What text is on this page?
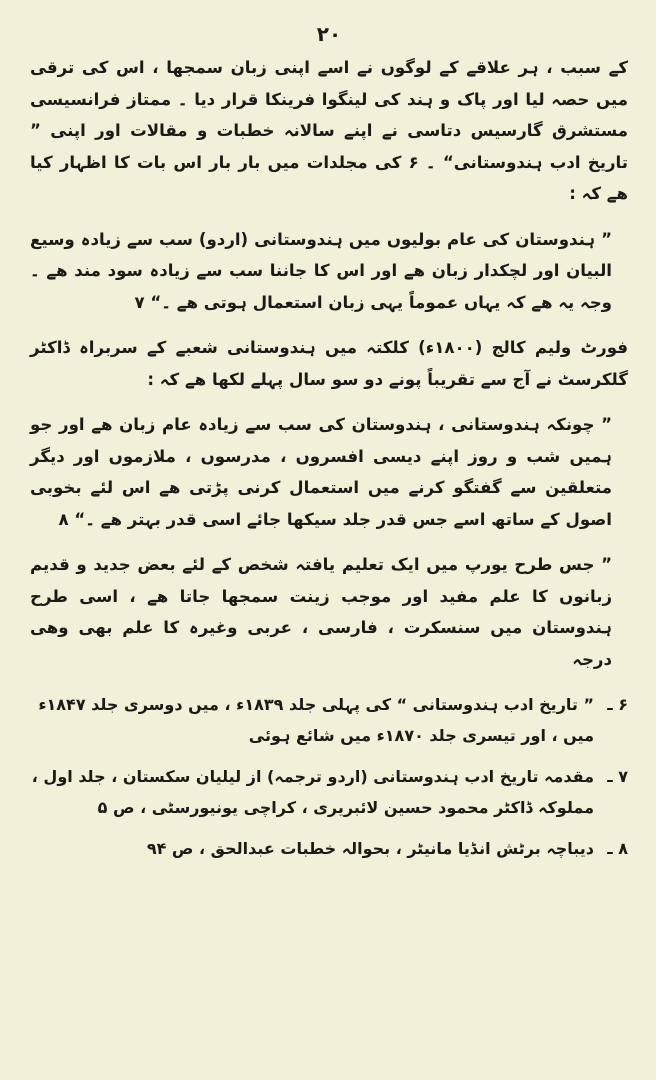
۲۰

کے سبب ، ہر علاقے کے لوگوں نے اسے اپنی زبان سمجھا ، اس کی ترقی میں حصہ لیا اور پاک و ہند کی لینگوا فرینکا قرار دیا ۔ ممتاز فرانسیسی مستشرق گارسیس دتاسی نے اپنے سالانہ خطبات و مقالات اور اپنی ” تاریخ ادب ہندوستانی“ ۔ ۶ کی مجلدات میں بار بار اس بات کا اظہار کیا ھے کہ :

” ہندوستان کی عام بولیوں میں ہندوستانی (اردو) سب سے زیادہ وسیع البیان اور لچکدار زبان ھے اور اس کا جاننا سب سے زیادہ سود مند ھے ۔ وجہ یہ ھے کہ یہاں عموماً یہی زبان استعمال ہوتی ھے ۔“ ۷

فورٹ ولیم کالج (۱۸۰۰ء) کلکتہ میں ہندوستانی شعبے کے سربراہ ڈاکٹر گلکرسٹ نے آج سے تقریباً پونے دو سو سال پہلے لکھا ھے کہ :

” چونکہ ہندوستانی ، ہندوستان کی سب سے زیادہ عام زبان ھے اور جو ہمیں شب و روز اپنے دیسی افسروں ، مدرسوں ، ملازموں اور دیگر متعلقین سے گفتگو کرنے میں استعمال کرنی پڑتی ھے اس لئے بخوبی اصول کے ساتھ اسے جس قدر جلد سیکھا جائے اسی قدر بہتر ھے ۔“ ۸

” جس طرح یورپ میں ایک تعلیم یافتہ شخص کے لئے بعض جدید و قدیم زبانوں کا علم مفید اور موجب زینت سمجھا جاتا ھے ، اسی طرح ہندوستان میں سنسکرت ، فارسی ، عربی وغیرہ کا علم بھی وھی درجہ

۶ ـ
” تاریخ ادب ہندوستانی “ کی پہلی جلد ۱۸۳۹ء ، میں دوسری جلد ۱۸۴۷ء میں ، اور تیسری جلد ۱۸۷۰ء میں شائع ہوئی
۷ ـ
مقدمہ تاریخ ادب ہندوستانی (اردو ترجمہ) از لیلیان سکستان ، جلد اول ، مملوکہ ڈاکٹر محمود حسین لائبریری ، کراچی یونیورسٹی ، ص ۵
۸ ـ
دیباچہ برٹش انڈیا مانیٹر ، بحوالہ خطبات عبدالحق ، ص ۹۴
